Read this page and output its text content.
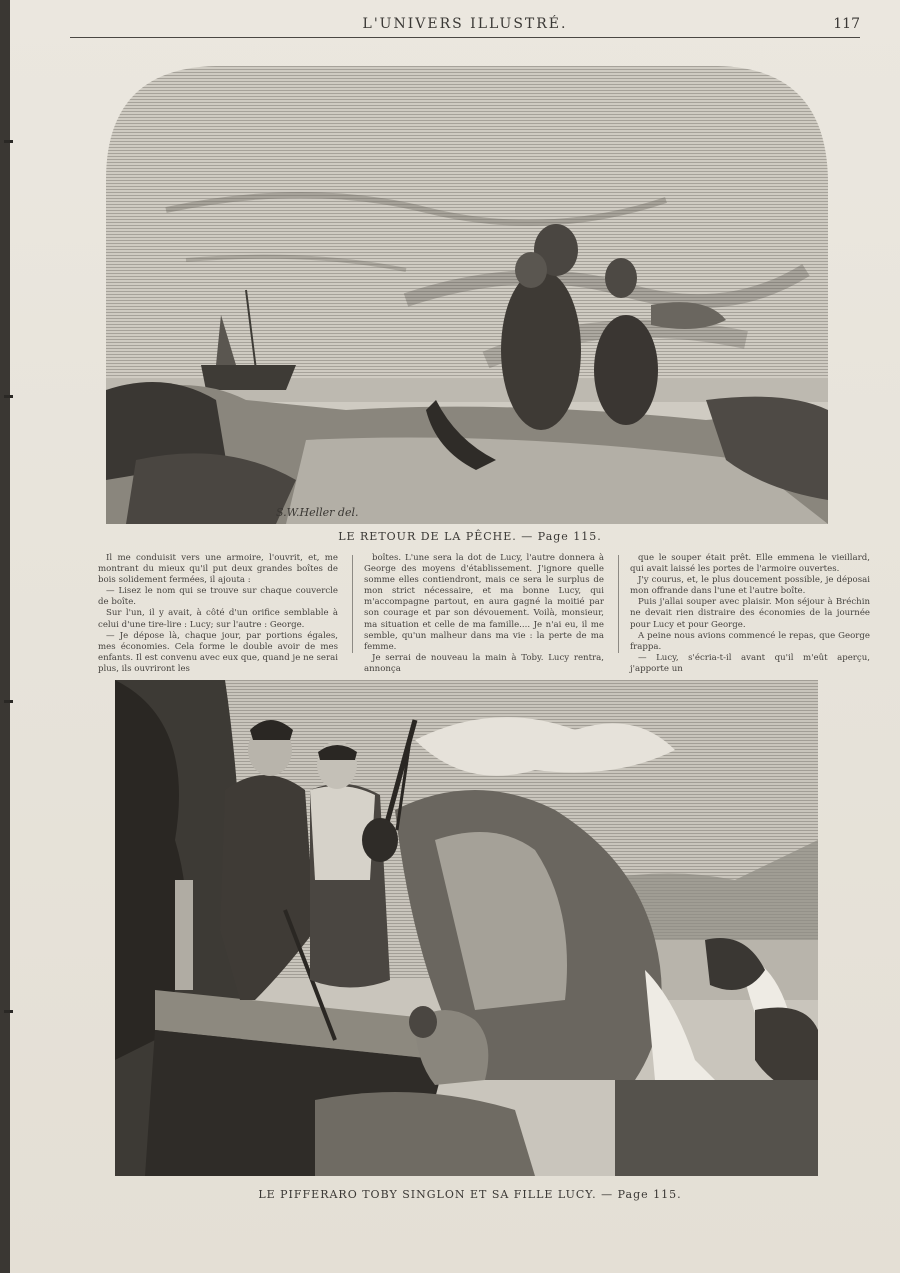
L'UNIVERS ILLUSTRÉ.	117
S.W.Heller del.
LE RETOUR DE LA PÊCHE. — Page 115.

Il me conduisit vers une armoire, l'ouvrit, et, me montrant du mieux qu'il put deux grandes boîtes de bois solidement fermées, il ajouta :

— Lisez le nom qui se trouve sur chaque couvercle de boîte.

Sur l'un, il y avait, à côté d'un orifice semblable à celui d'une tire-lire : Lucy; sur l'autre : George.

— Je dépose là, chaque jour, par portions égales, mes économies. Cela forme le double avoir de mes enfants. Il est convenu avec eux que, quand je ne serai plus, ils ouvriront les

boîtes. L'une sera la dot de Lucy, l'autre donnera à George des moyens d'établissement. J'ignore quelle somme elles contiendront, mais ce sera le surplus de mon strict nécessaire, et ma bonne Lucy, qui m'accompagne partout, en aura gagné la moitié par son courage et par son dévouement. Voilà, monsieur, ma situation et celle de ma famille.... Je n'ai eu, il me semble, qu'un malheur dans ma vie : la perte de ma femme.

Je serrai de nouveau la main à Toby. Lucy rentra, annonça

que le souper était prêt. Elle emmena le vieillard, qui avait laissé les portes de l'armoire ouvertes.

J'y courus, et, le plus doucement possible, je déposai mon offrande dans l'une et l'autre boîte.

Puis j'allai souper avec plaisir. Mon séjour à Bréchin ne devait rien distraire des économies de la journée pour Lucy et pour George.

A peine nous avions commencé le repas, que George frappa.

— Lucy, s'écria-t-il avant qu'il m'eût aperçu, j'apporte un

LE PIFFERARO TOBY SINGLON ET SA FILLE LUCY. — Page 115.
